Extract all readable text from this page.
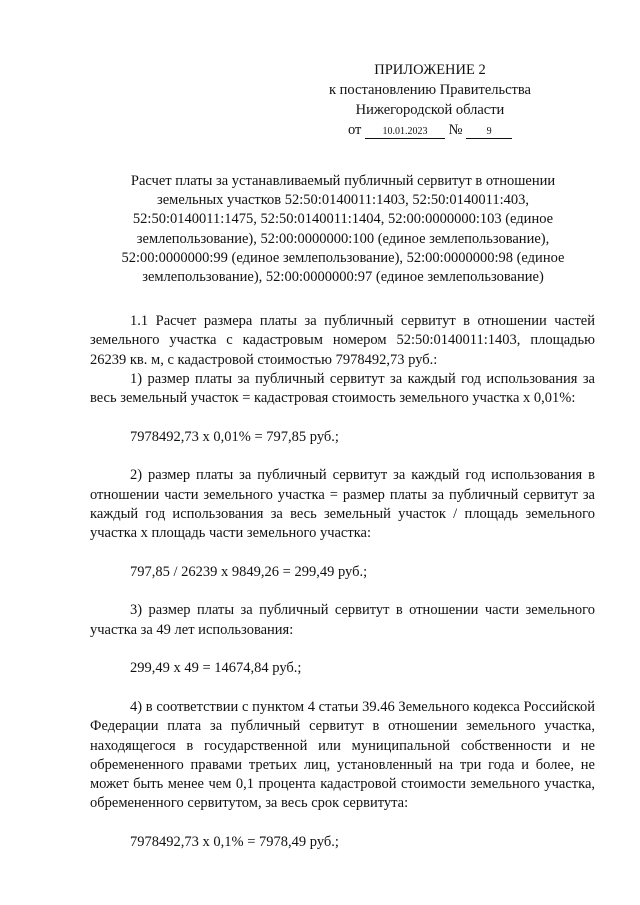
ПРИЛОЖЕНИЕ 2
к постановлению Правительства
Нижегородской области
от 10.01.2023 № 9
Расчет платы за устанавливаемый публичный сервитут в отношении земельных участков 52:50:0140011:1403, 52:50:0140011:403, 52:50:0140011:1475, 52:50:0140011:1404, 52:00:0000000:103 (единое землепользование), 52:00:0000000:100 (единое землепользование), 52:00:0000000:99 (единое землепользование), 52:00:0000000:98 (единое землепользование), 52:00:0000000:97 (единое землепользование)

1.1 Расчет размера платы за публичный сервитут в отношении частей земельного участка с кадастровым номером 52:50:0140011:1403, площадью 26239 кв. м, с кадастровой стоимостью 7978492,73 руб.:

1) размер платы за публичный сервитут за каждый год использования за весь земельный участок = кадастровая стоимость земельного участка х 0,01%:

7978492,73 х 0,01% = 797,85 руб.;

2) размер платы за публичный сервитут за каждый год использования в отношении части земельного участка = размер платы за публичный сервитут за каждый год использования за весь земельный участок / площадь земельного участка х площадь части земельного участка:

797,85 / 26239 х 9849,26 = 299,49 руб.;

3) размер платы за публичный сервитут в отношении части земельного участка за 49 лет использования:

299,49 х 49 = 14674,84 руб.;

4) в соответствии с пунктом 4 статьи 39.46 Земельного кодекса Российской Федерации плата за публичный сервитут в отношении земельного участка, находящегося в государственной или муниципальной собственности и не обремененного правами третьих лиц, установленный на три года и более, не может быть менее чем 0,1 процента кадастровой стоимости земельного участка, обремененного сервитутом, за весь срок сервитута:

7978492,73 х 0,1% = 7978,49 руб.;
